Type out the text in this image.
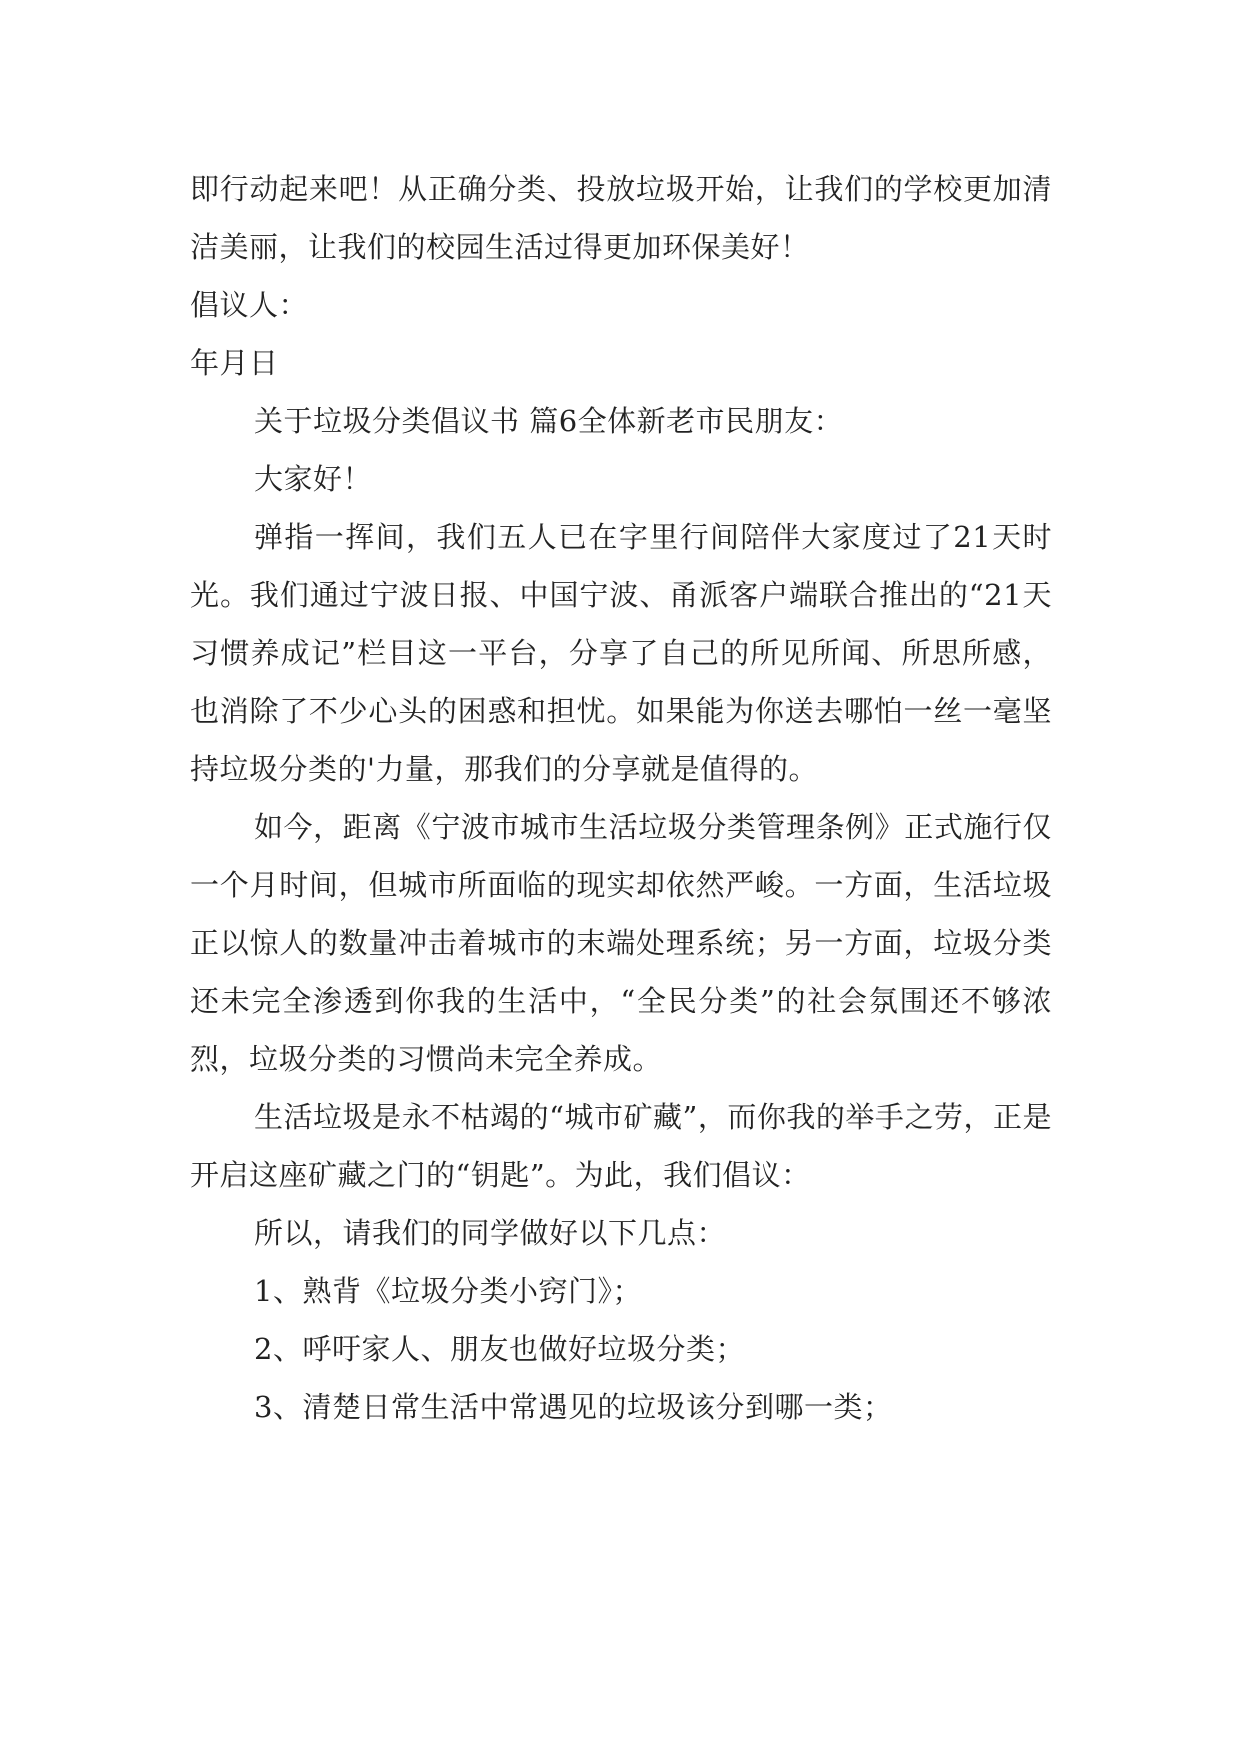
即行动起来吧！从正确分类、投放垃圾开始，让我们的学校更加清洁美丽，让我们的校园生活过得更加环保美好！

倡议人：

年月日

关于垃圾分类倡议书 篇6全体新老市民朋友：

大家好！

弹指一挥间，我们五人已在字里行间陪伴大家度过了21天时光。我们通过宁波日报、中国宁波、甬派客户端联合推出的“21天习惯养成记”栏目这一平台，分享了自己的所见所闻、所思所感，也消除了不少心头的困惑和担忧。如果能为你送去哪怕一丝一毫坚持垃圾分类的'力量，那我们的分享就是值得的。

如今，距离《宁波市城市生活垃圾分类管理条例》正式施行仅一个月时间，但城市所面临的现实却依然严峻。一方面，生活垃圾正以惊人的数量冲击着城市的末端处理系统；另一方面，垃圾分类还未完全渗透到你我的生活中，“全民分类”的社会氛围还不够浓烈，垃圾分类的习惯尚未完全养成。

生活垃圾是永不枯竭的“城市矿藏”，而你我的举手之劳，正是开启这座矿藏之门的“钥匙”。为此，我们倡议：

所以，请我们的同学做好以下几点：

1、熟背《垃圾分类小窍门》；

2、呼吁家人、朋友也做好垃圾分类；

3、清楚日常生活中常遇见的垃圾该分到哪一类；
